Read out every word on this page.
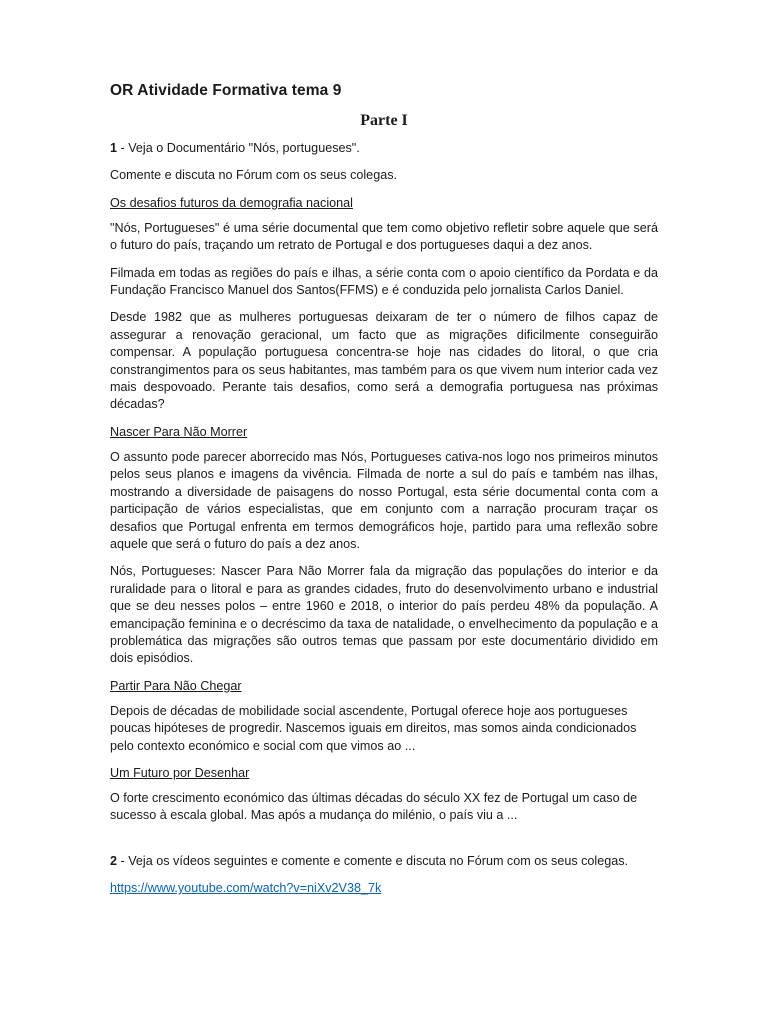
OR Atividade Formativa tema 9
Parte I

1 - Veja o Documentário "Nós, portugueses".

Comente e discuta no Fórum com os seus colegas.

Os desafios futuros da demografia nacional

"Nós, Portugueses" é uma série documental que tem como objetivo refletir sobre aquele que será o futuro do país, traçando um retrato de Portugal e dos portugueses daqui a dez anos.

Filmada em todas as regiões do país e ilhas, a série conta com o apoio científico da Pordata e da Fundação Francisco Manuel dos Santos(FFMS) e é conduzida pelo jornalista Carlos Daniel.

Desde 1982 que as mulheres portuguesas deixaram de ter o número de filhos capaz de assegurar a renovação geracional, um facto que as migrações dificilmente conseguirão compensar. A população portuguesa concentra-se hoje nas cidades do litoral, o que cria constrangimentos para os seus habitantes, mas também para os que vivem num interior cada vez mais despovoado. Perante tais desafios, como será a demografia portuguesa nas próximas décadas?

Nascer Para Não Morrer

O assunto pode parecer aborrecido mas Nós, Portugueses cativa-nos logo nos primeiros minutos pelos seus planos e imagens da vivência. Filmada de norte a sul do país e também nas ilhas, mostrando a diversidade de paisagens do nosso Portugal, esta série documental conta com a participação de vários especialistas, que em conjunto com a narração procuram traçar os desafios que Portugal enfrenta em termos demográficos hoje, partido para uma reflexão sobre aquele que será o futuro do país a dez anos.

Nós, Portugueses: Nascer Para Não Morrer fala da migração das populações do interior e da ruralidade para o litoral e para as grandes cidades, fruto do desenvolvimento urbano e industrial que se deu nesses polos – entre 1960 e 2018, o interior do país perdeu 48% da população. A emancipação feminina e o decréscimo da taxa de natalidade, o envelhecimento da população e a problemática das migrações são outros temas que passam por este documentário dividido em dois episódios.

Partir Para Não Chegar

Depois de décadas de mobilidade social ascendente, Portugal oferece hoje aos portugueses poucas hipóteses de progredir. Nascemos iguais em direitos, mas somos ainda condicionados pelo contexto económico e social com que vimos ao ...

Um Futuro por Desenhar

O forte crescimento económico das últimas décadas do século XX fez de Portugal um caso de sucesso à escala global. Mas após a mudança do milénio, o país viu a ...

2 - Veja os vídeos seguintes e comente e comente e discuta no Fórum com os seus colegas.

https://www.youtube.com/watch?v=niXv2V38_7k
